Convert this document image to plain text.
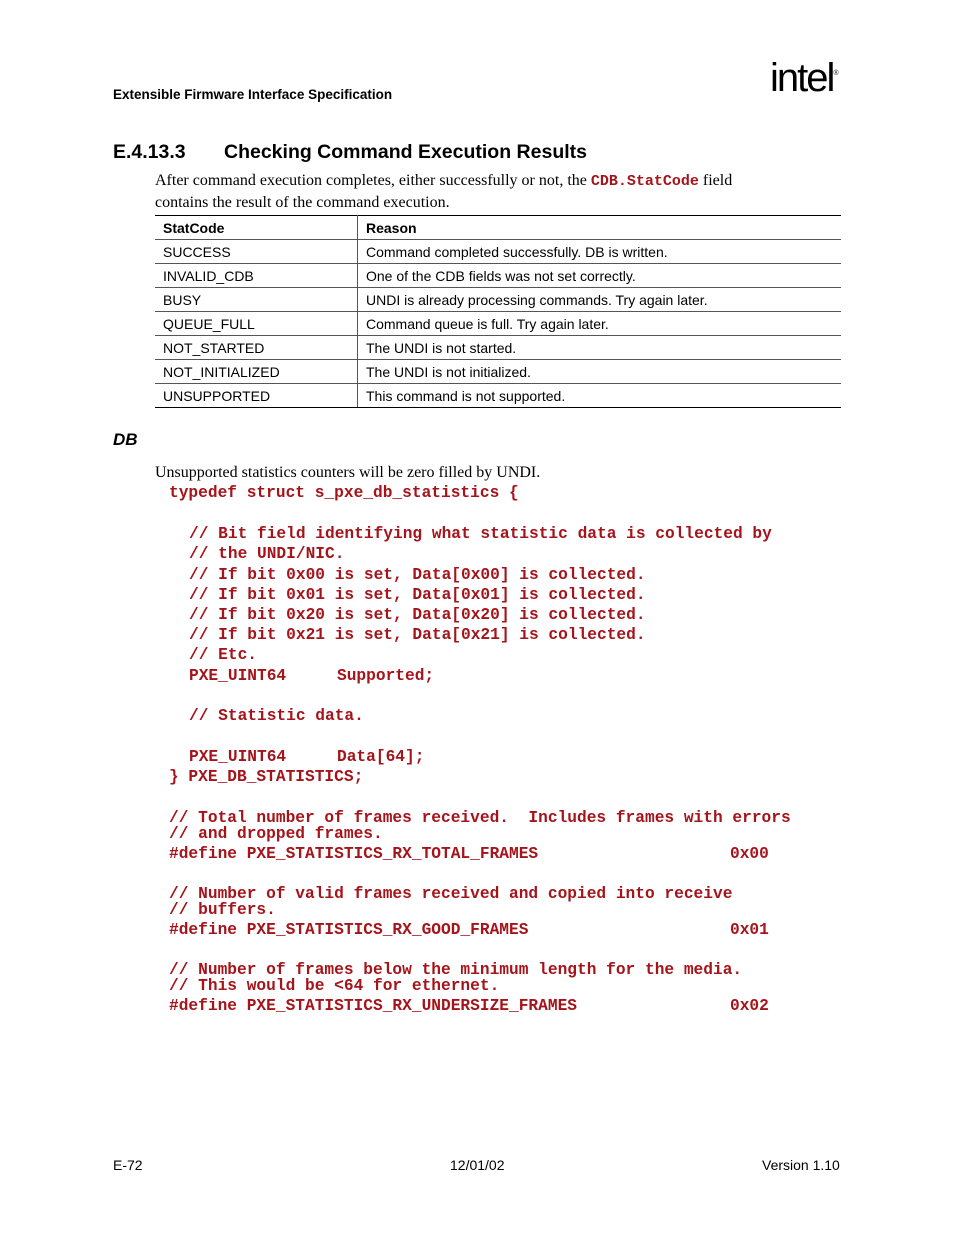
Extensible Firmware Interface Specification	intel®
E.4.13.3 Checking Command Execution Results
After command execution completes, either successfully or not, the CDB.StatCode field
contains the result of the command execution.
StatCode	Reason
SUCCESS	Command completed successfully. DB is written.
INVALID_CDB	One of the CDB fields was not set correctly.
BUSY	UNDI is already processing commands. Try again later.
QUEUE_FULL	Command queue is full. Try again later.
NOT_STARTED	The UNDI is not started.
NOT_INITIALIZED	The UNDI is not initialized.
UNSUPPORTED	This command is not supported.
DB
Unsupported statistics counters will be zero filled by UNDI.
typedef struct s_pxe_db_statistics {
// Bit field identifying what statistic data is collected by
// the UNDI/NIC.
// If bit 0x00 is set, Data[0x00] is collected.
// If bit 0x01 is set, Data[0x01] is collected.
// If bit 0x20 is set, Data[0x20] is collected.
// If bit 0x21 is set, Data[0x21] is collected.
// Etc.
PXE_UINT64	Supported;
// Statistic data.
PXE_UINT64	Data[64];
} PXE_DB_STATISTICS;
// Total number of frames received.  Includes frames with errors
// and dropped frames.
#define PXE_STATISTICS_RX_TOTAL_FRAMES	0x00
// Number of valid frames received and copied into receive
// buffers.
#define PXE_STATISTICS_RX_GOOD_FRAMES	0x01
// Number of frames below the minimum length for the media.
// This would be <64 for ethernet.
#define PXE_STATISTICS_RX_UNDERSIZE_FRAMES	0x02
E-72	12/01/02	Version 1.10
